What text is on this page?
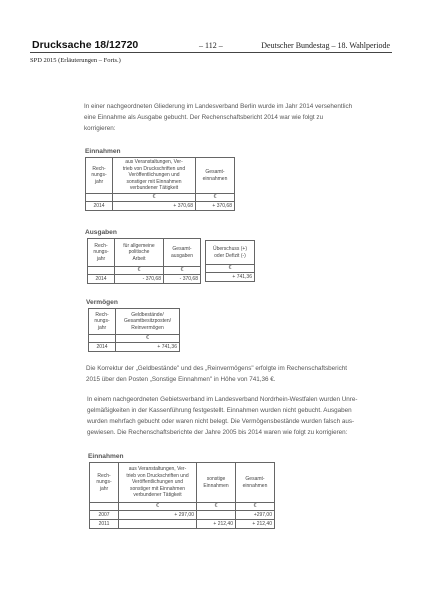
Drucksache 18/12720	– 112 –	Deutscher Bundestag – 18. Wahlperiode
SPD 2015 (Erläuterungen – Forts.)
In einer nachgeordneten Gliederung im Landesverband Berlin wurde im Jahr 2014 versehentlich
eine Einnahme als Ausgabe gebucht. Der Rechenschaftsbericht 2014 war wie folgt zu
korrigieren:
Einnahmen
Rech-
nungs-
jahr	aus Veranstaltungen, Ver-
trieb von Druckschriften und
Veröffentlichungen und
sonstiger mit Einnahmen
verbundener Tätigkeit	Gesamt-
einnahmen
	€	€
2014	+ 370,68	+ 370,68
Ausgaben
Rech-
nungs-
jahr	für allgemeine
politische
Arbeit	Gesamt-
ausgaben
	€	€
2014	- 370,68	- 370,68
Überschuss (+)
oder Defizit (-)
€
+ 741,36
Vermögen
Rech-
nungs-
jahr	Geldbestände/
Gesamtbesitzposten/
Reinvermögen
	€
2014	+ 741,36
Die Korrektur der „Geldbestände" und des „Reinvermögens" erfolgte im Rechenschaftsbericht
2015 über den Posten „Sonstige Einnahmen" in Höhe von 741,36 €.
In einem nachgeordneten Gebietsverband im Landesverband Nordrhein-Westfalen wurden Unre-
gelmäßigkeiten in der Kassenführung festgestellt. Einnahmen wurden nicht gebucht. Ausgaben
wurden mehrfach gebucht oder waren nicht belegt. Die Vermögensbestände wurden falsch aus-
gewiesen. Die Rechenschaftsberichte der Jahre 2005 bis 2014 waren wie folgt zu korrigieren:
Einnahmen
Rech-
nungs-
jahr	aus Veranstaltungen, Ver-
trieb von Druckschriften und
Veröffentlichungen und
sonstiger mit Einnahmen
verbundener Tätigkeit	sonstige
Einnahmen	Gesamt-
einnahmen
	€	€	€
2007	+ 297,00		+297,00
2011		+ 212,40	+ 212,40
